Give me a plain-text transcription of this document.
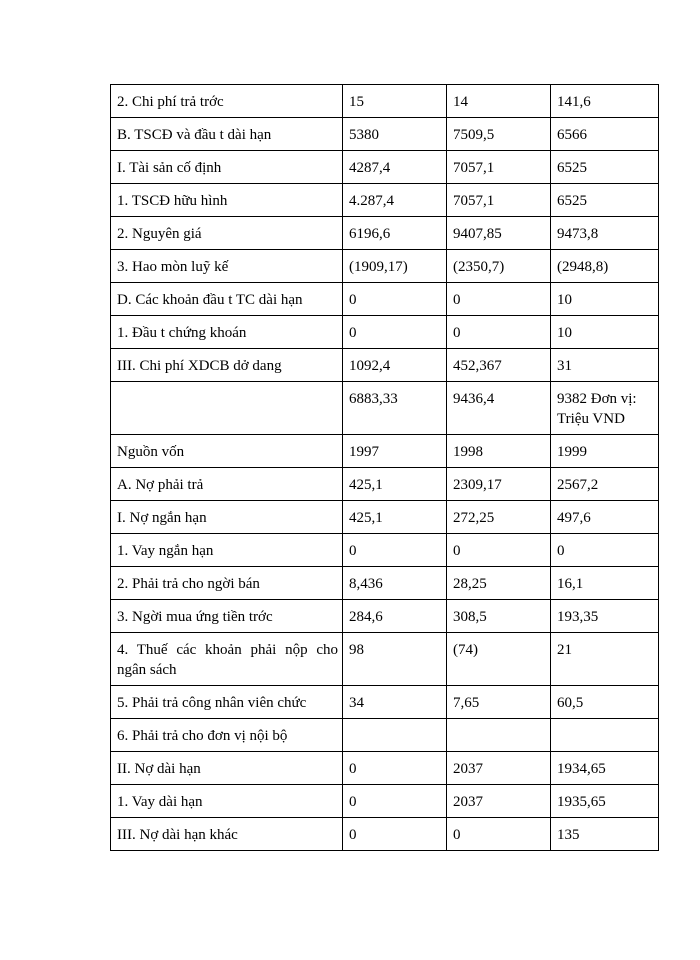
2. Chi phí trả trớc	15	14	141,6
B. TSCĐ và đầu t dài hạn	5380	7509,5	6566
I. Tài sản cố định	4287,4	7057,1	6525
1. TSCĐ hữu hình	4.287,4	7057,1	6525
2. Nguyên giá	6196,6	9407,85	9473,8
3. Hao mòn luỹ kế	(1909,17)	(2350,7)	(2948,8)
D. Các khoản đầu t TC dài hạn	0	0	10
1. Đầu t chứng khoán	0	0	10
III. Chi phí XDCB dở dang	1092,4	452,367	31
	6883,33	9436,4	9382 Đơn vị: Triệu VND
Nguồn vốn	1997	1998	1999
A. Nợ phải trả	425,1	2309,17	2567,2
I. Nợ ngắn hạn	425,1	272,25	497,6
1. Vay ngắn hạn	0	0	0
2. Phải trả cho ngời bán	8,436	28,25	16,1
3. Ngời mua ứng tiền trớc	284,6	308,5	193,35
4. Thuế các khoản phải nộp cho ngân sách	98	(74)	21
5. Phải trả công nhân viên chức	34	7,65	60,5
6. Phải trả cho đơn vị nội bộ			
II. Nợ dài hạn	0	2037	1934,65
1. Vay dài hạn	0	2037	1935,65
III. Nợ dài hạn khác	0	0	135
